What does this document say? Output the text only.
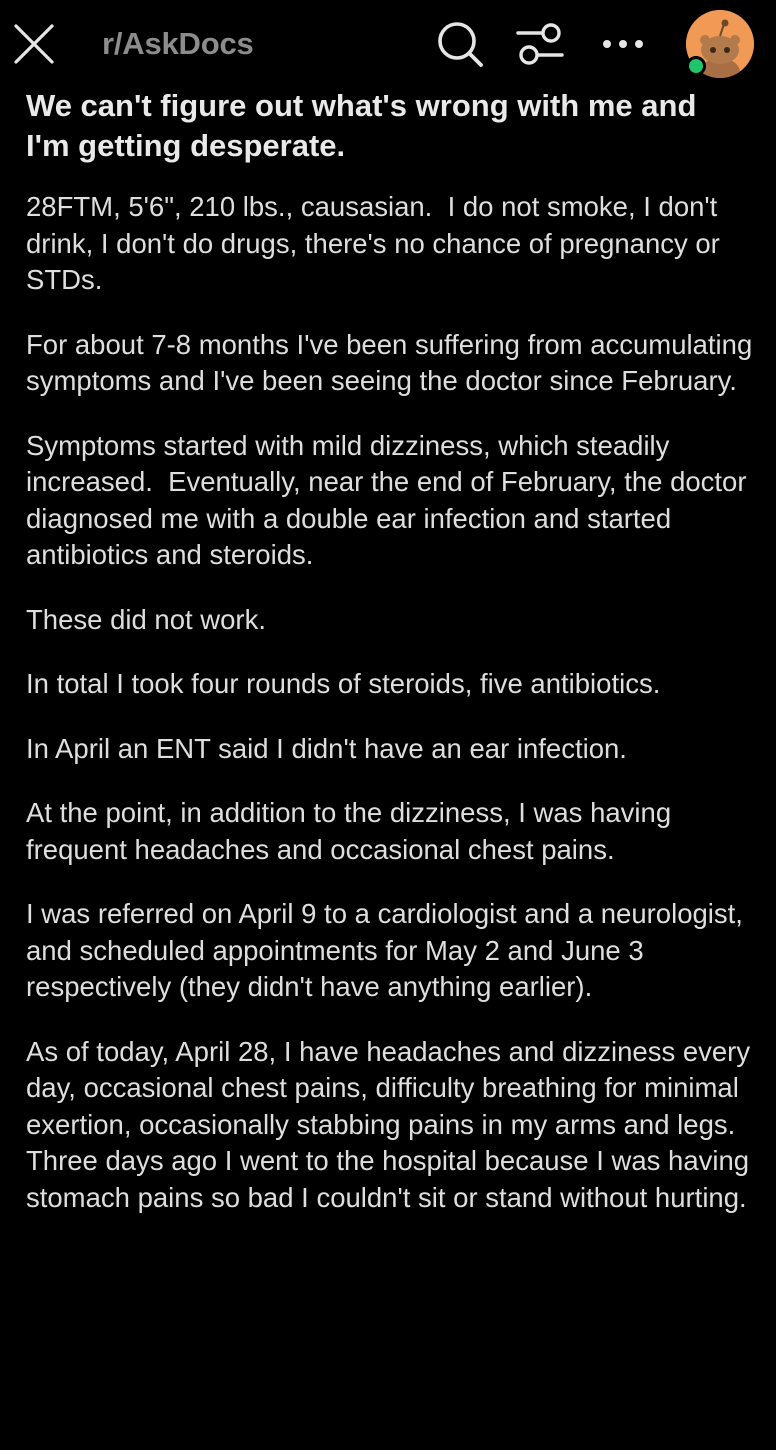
r/AskDocs
We can't figure out what's wrong with me and I'm getting desperate.

28FTM, 5'6", 210 lbs., causasian.  I do not smoke, I don't drink, I don't do drugs, there's no chance of pregnancy or STDs.

For about 7-8 months I've been suffering from accumulating symptoms and I've been seeing the doctor since February.

Symptoms started with mild dizziness, which steadily increased.  Eventually, near the end of February, the doctor diagnosed me with a double ear infection and started antibiotics and steroids.

These did not work.

In total I took four rounds of steroids, five antibiotics.

In April an ENT said I didn't have an ear infection.

At the point, in addition to the dizziness, I was having frequent headaches and occasional chest pains.

I was referred on April 9 to a cardiologist and a neurologist, and scheduled appointments for May 2 and June 3 respectively (they didn't have anything earlier).

As of today, April 28, I have headaches and dizziness every day, occasional chest pains, difficulty breathing for minimal exertion, occasionally stabbing pains in my arms and legs. Three days ago I went to the hospital because I was having stomach pains so bad I couldn't sit or stand without hurting.
